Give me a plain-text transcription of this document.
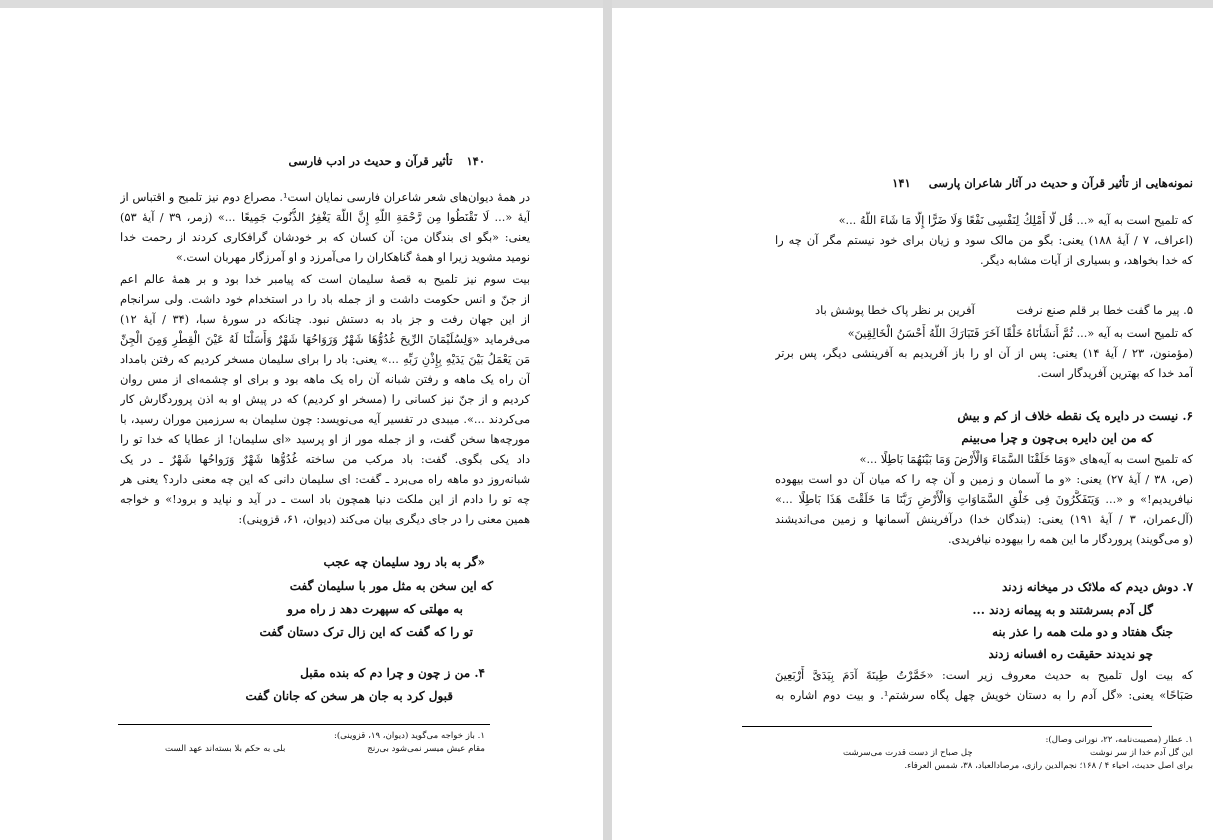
۱۴۰ تأثیر قرآن و حدیث در ادب فارسی

در همهٔ دیوان‌های شعر شاعران فارسی نمایان است¹. مصراع دوم نیز تلمیح و اقتباس از

آیهٔ «... لَا تَقْنَطُوا مِن رَّحْمَةِ اللَّهِ إِنَّ اللَّهَ یَغْفِرُ الذُّنُوبَ جَمِیعًا ...» (زمر، ۳۹ / آیهٔ ۵۳)

یعنی: «بگو ای بندگان من: آن کسان که بر خودشان گرافکاری کردند از رحمت خدا

نومید مشوید زیرا او همهٔ گناهکاران را می‌آمرزد و او آمرزگار مهربان است.»

بیت سوم نیز تلمیح به قصهٔ سلیمان است که پیامبر خدا بود و بر همهٔ عالم اعم

از جنّ و انس حکومت داشت و از جمله باد را در استخدام خود داشت. ولی سرانجام

از این جهان رفت و جز باد به دستش نبود. چنانکه در سورهٔ سبا، (۳۴ / آیهٔ ۱۲)

می‌فرماید «وَلِسُلَیْمَانَ الرِّیحَ غُدُوُّهَا شَهْرٌ وَرَوَاحُهَا شَهْرٌ وَأَسَلْنَا لَهُ عَیْنَ الْقِطْرِ وَمِنَ الْجِنِّ

مَن یَعْمَلُ بَیْنَ یَدَیْهِ بِإِذْنِ رَبِّهِ ...» یعنی: باد را برای سلیمان مسخر کردیم که رفتن بامداد

آن راه یک ماهه و رفتن شبانه آن راه یک ماهه بود و برای او چشمه‌ای از مس روان

کردیم و از جنّ نیز کسانی را (مسخر او کردیم) که در پیش او به اذن پروردگارش کار

می‌کردند ...». میبدی در تفسیر آیه می‌نویسد: چون سلیمان به سرزمین موران رسید، با

مورچه‌ها سخن گفت، و از جمله مور از او پرسید «ای سلیمان! از عطایا که خدا تو را

داد یکی بگوی. گفت: باد مرکب من ساخته غُدُوُّها شَهْرٌ وَرَواحُها شَهْرٌ ـ در یک

شبانه‌روز دو ماهه راه می‌برد ـ گفت: ای سلیمان دانی که این چه معنی دارد؟ یعنی هر

چه تو را دادم از این ملکت دنیا همچون باد است ـ در آید و نپاید و برود!» و خواجه

همین معنی را در جای دیگری بیان می‌کند (دیوان، ۶۱، قزوینی):

«گر به باد رود سلیمان چه عجب
که این سخن به مثل مور با سلیمان گفت
به مهلتی که سپهرت دهد ز راه مرو
تو را که گفت که این زال ترک دستان گفت
۴. من ز چون و چرا دم که بنده مقبل
قبول کرد به جان هر سخن که جانان گفت
۱. باز خواجه می‌گوید (دیوان، ۱۹، قزوینی):
مقام عیش میسر نمی‌شود بی‌رنج
بلی به حکم بلا بسته‌اند عهد الست
نمونه‌هایی از تأثیر قرآن و حدیث در آثار شاعران پارسی ۱۴۱

که تلمیح است به آیه «... قُل لَّا أَمْلِكُ لِنَفْسِی نَفْعًا وَلَا ضَرًّا إِلَّا مَا شَاءَ اللَّهُ ...»

(اعراف، ۷ / آیهٔ ۱۸۸) یعنی: بگو من مالک سود و زیان برای خود نیستم مگر آن چه را

که خدا بخواهد، و بسیاری از آیات مشابه دیگر.

۵. پیر ما گفت خطا بر قلم صنع نرفت
آفرین بر نظر پاک خطا پوشش باد

که تلمیح است به آیه «... ثُمَّ أَنشَأْنَاهُ خَلْقًا آخَرَ فَتَبَارَكَ اللَّهُ أَحْسَنُ الْخَالِقِینَ»

(مؤمنون، ۲۳ / آیهٔ ۱۴) یعنی: پس از آن او را باز آفریدیم به آفرینشی دیگر، پس برتر

آمد خدا که بهترین آفریدگار است.

۶. نیست در دایره یک نقطه خلاف از کم و بیش
که من این دایره بی‌چون و چرا می‌بینم

که تلمیح است به آیه‌های «وَمَا خَلَقْنَا السَّمَاءَ وَالْأَرْضَ وَمَا بَیْنَهُمَا بَاطِلًا ...»

(ص، ۳۸ / آیهٔ ۲۷) یعنی: «و ما آسمان و زمین و آن چه را که میان آن دو است بیهوده

نیافریدیم!» و «... وَیَتَفَكَّرُونَ فِی خَلْقِ السَّمَاوَاتِ وَالْأَرْضِ رَبَّنَا مَا خَلَقْتَ هَذَا بَاطِلًا ...»

(آل‌عمران، ۳ / آیهٔ ۱۹۱) یعنی: (بندگان خدا) درآفرینش آسمانها و زمین می‌اندیشند

(و می‌گویند) پروردگار ما این همه را بیهوده نیافریدی.

۷. دوش دیدم که ملائک در میخانه زدند
گل آدم بسرشتند و به پیمانه زدند ...
جنگ هفتاد و دو ملت همه را عذر بنه
چو ندیدند حقیقت ره افسانه زدند

که بیت اول تلمیح به حدیث معروف زیر است: «خَمَّرْتُ طِینَةَ آدَمَ بِیَدَیَّ أَرْبَعِینَ

صَبَاحًا» یعنی: «گل آدم را به دستان خویش چهل پگاه سرشتم¹. و بیت دوم اشاره به

۱. عطار (مصیبت‌نامه، ۲۲، نورانی وصال):
این گل آدم خدا از سر نوشت
چل صباح از دست قدرت می‌سرشت
برای اصل حدیث، احیاء ۴ / ۱۶۸؛ نجم‌الدین رازی، مرصادالعباد، ۳۸، شمس العرفاء.
